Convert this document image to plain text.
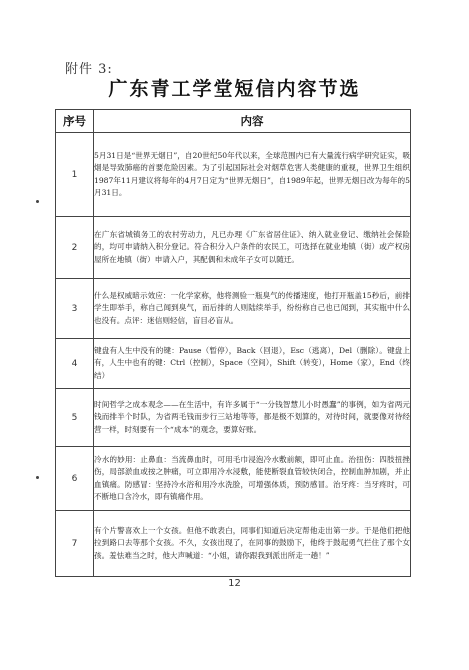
附件 3:
广东青工学堂短信内容节选
序号	内容
1	5月31日是“世界无烟日”，自20世纪50年代以来，全球范围内已有大量流行病学研究证实，吸烟是导致肺癌的首要危险因素。为了引起国际社会对烟草危害人类健康的重视，世界卫生组织1987年11月建议将每年的4月7日定为“世界无烟日”，自1989年起，世界无烟日改为每年的5月31日。
2	在广东省城镇务工的农村劳动力，凡已办理《广东省居住证》、纳入就业登记、缴纳社会保险的，均可申请纳入积分登记。符合积分入户条件的农民工，可选择在就业地镇（街）或产权房屋所在地镇（街）申请入户，其配偶和未成年子女可以随迁。
3	什么是权威暗示效应：一化学家称，他将测验一瓶臭气的传播速度，他打开瓶盖15秒后，前排学生即举手，称自己闻到臭气，而后排的人则陆续举手，纷纷称自己也已闻到，其实瓶中什么也没有。点评：迷信则轻信，盲目必盲从。
4	键盘有人生中没有的键：Pause（暂停），Back（回退），Esc（逃离），Del（删除）。键盘上有，人生中也有的键：Ctrl（控制），Space（空间），Shift（转变），Home（家），End（终结）
5	时间哲学之成本观念——在生活中，有许多属于“一分钱智慧儿小时愚蠢”的事例，如为省两元钱而排半个时队，为省两毛钱而步行三站地等等，都是极不划算的，对待时间，就要像对待经营一样，时刻要有一个“成本”的观念，要算好账。
6	冷水的妙用：止鼻血：当流鼻血时，可用毛巾浸泡冷水敷前额，即可止血。治扭伤：四肢扭挫伤，局部淤血或按之肿痛，可立即用冷水浸敷，能使断裂血管较快闭合，控制血肿加剧，并止血镇痛。防感冒：坚持冷水浴和用冷水洗脸，可增强体质，预防感冒。治牙疼：当牙疼时，可不断地口含冷水，即有镇痛作用。
7	有个片警喜欢上一个女孩。但他不敢表白，同事们知道后决定帮他走出第一步。于是他们把他拉到路口去等那个女孩。不久，女孩出现了，在同事的鼓励下，他终于鼓起勇气拦住了那个女孩。羞怯难当之时，他大声喊道：“小姐，请你跟我到派出所走一趟！”
12
